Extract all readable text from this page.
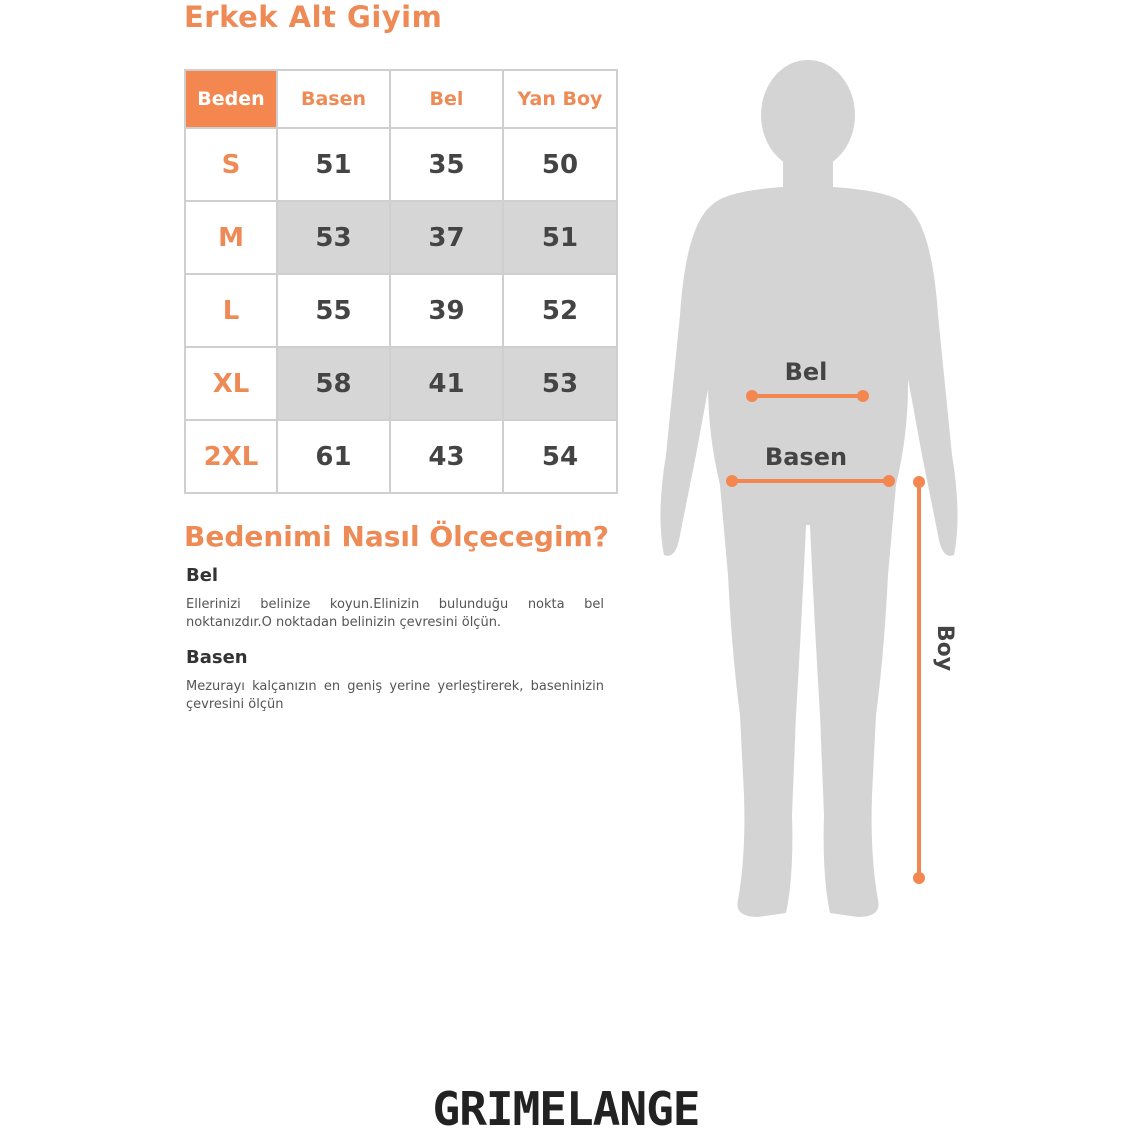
Erkek Alt Giyim
Beden	Basen	Bel	Yan Boy
S	51	35	50
M	53	37	51
L	55	39	52
XL	58	41	53
2XL	61	43	54
Bedenimi Nasıl Ölçecegim?
Bel
Ellerinizi belinize koyun.Elinizin bulunduğu nokta bel noktanızdır.O noktadan belinizin çevresini ölçün.
Basen
Mezurayı kalçanızın en geniş yerine yerleştirerek, baseninizin çevresini ölçün
Bel
Basen
Boy
GRIMELANGE
